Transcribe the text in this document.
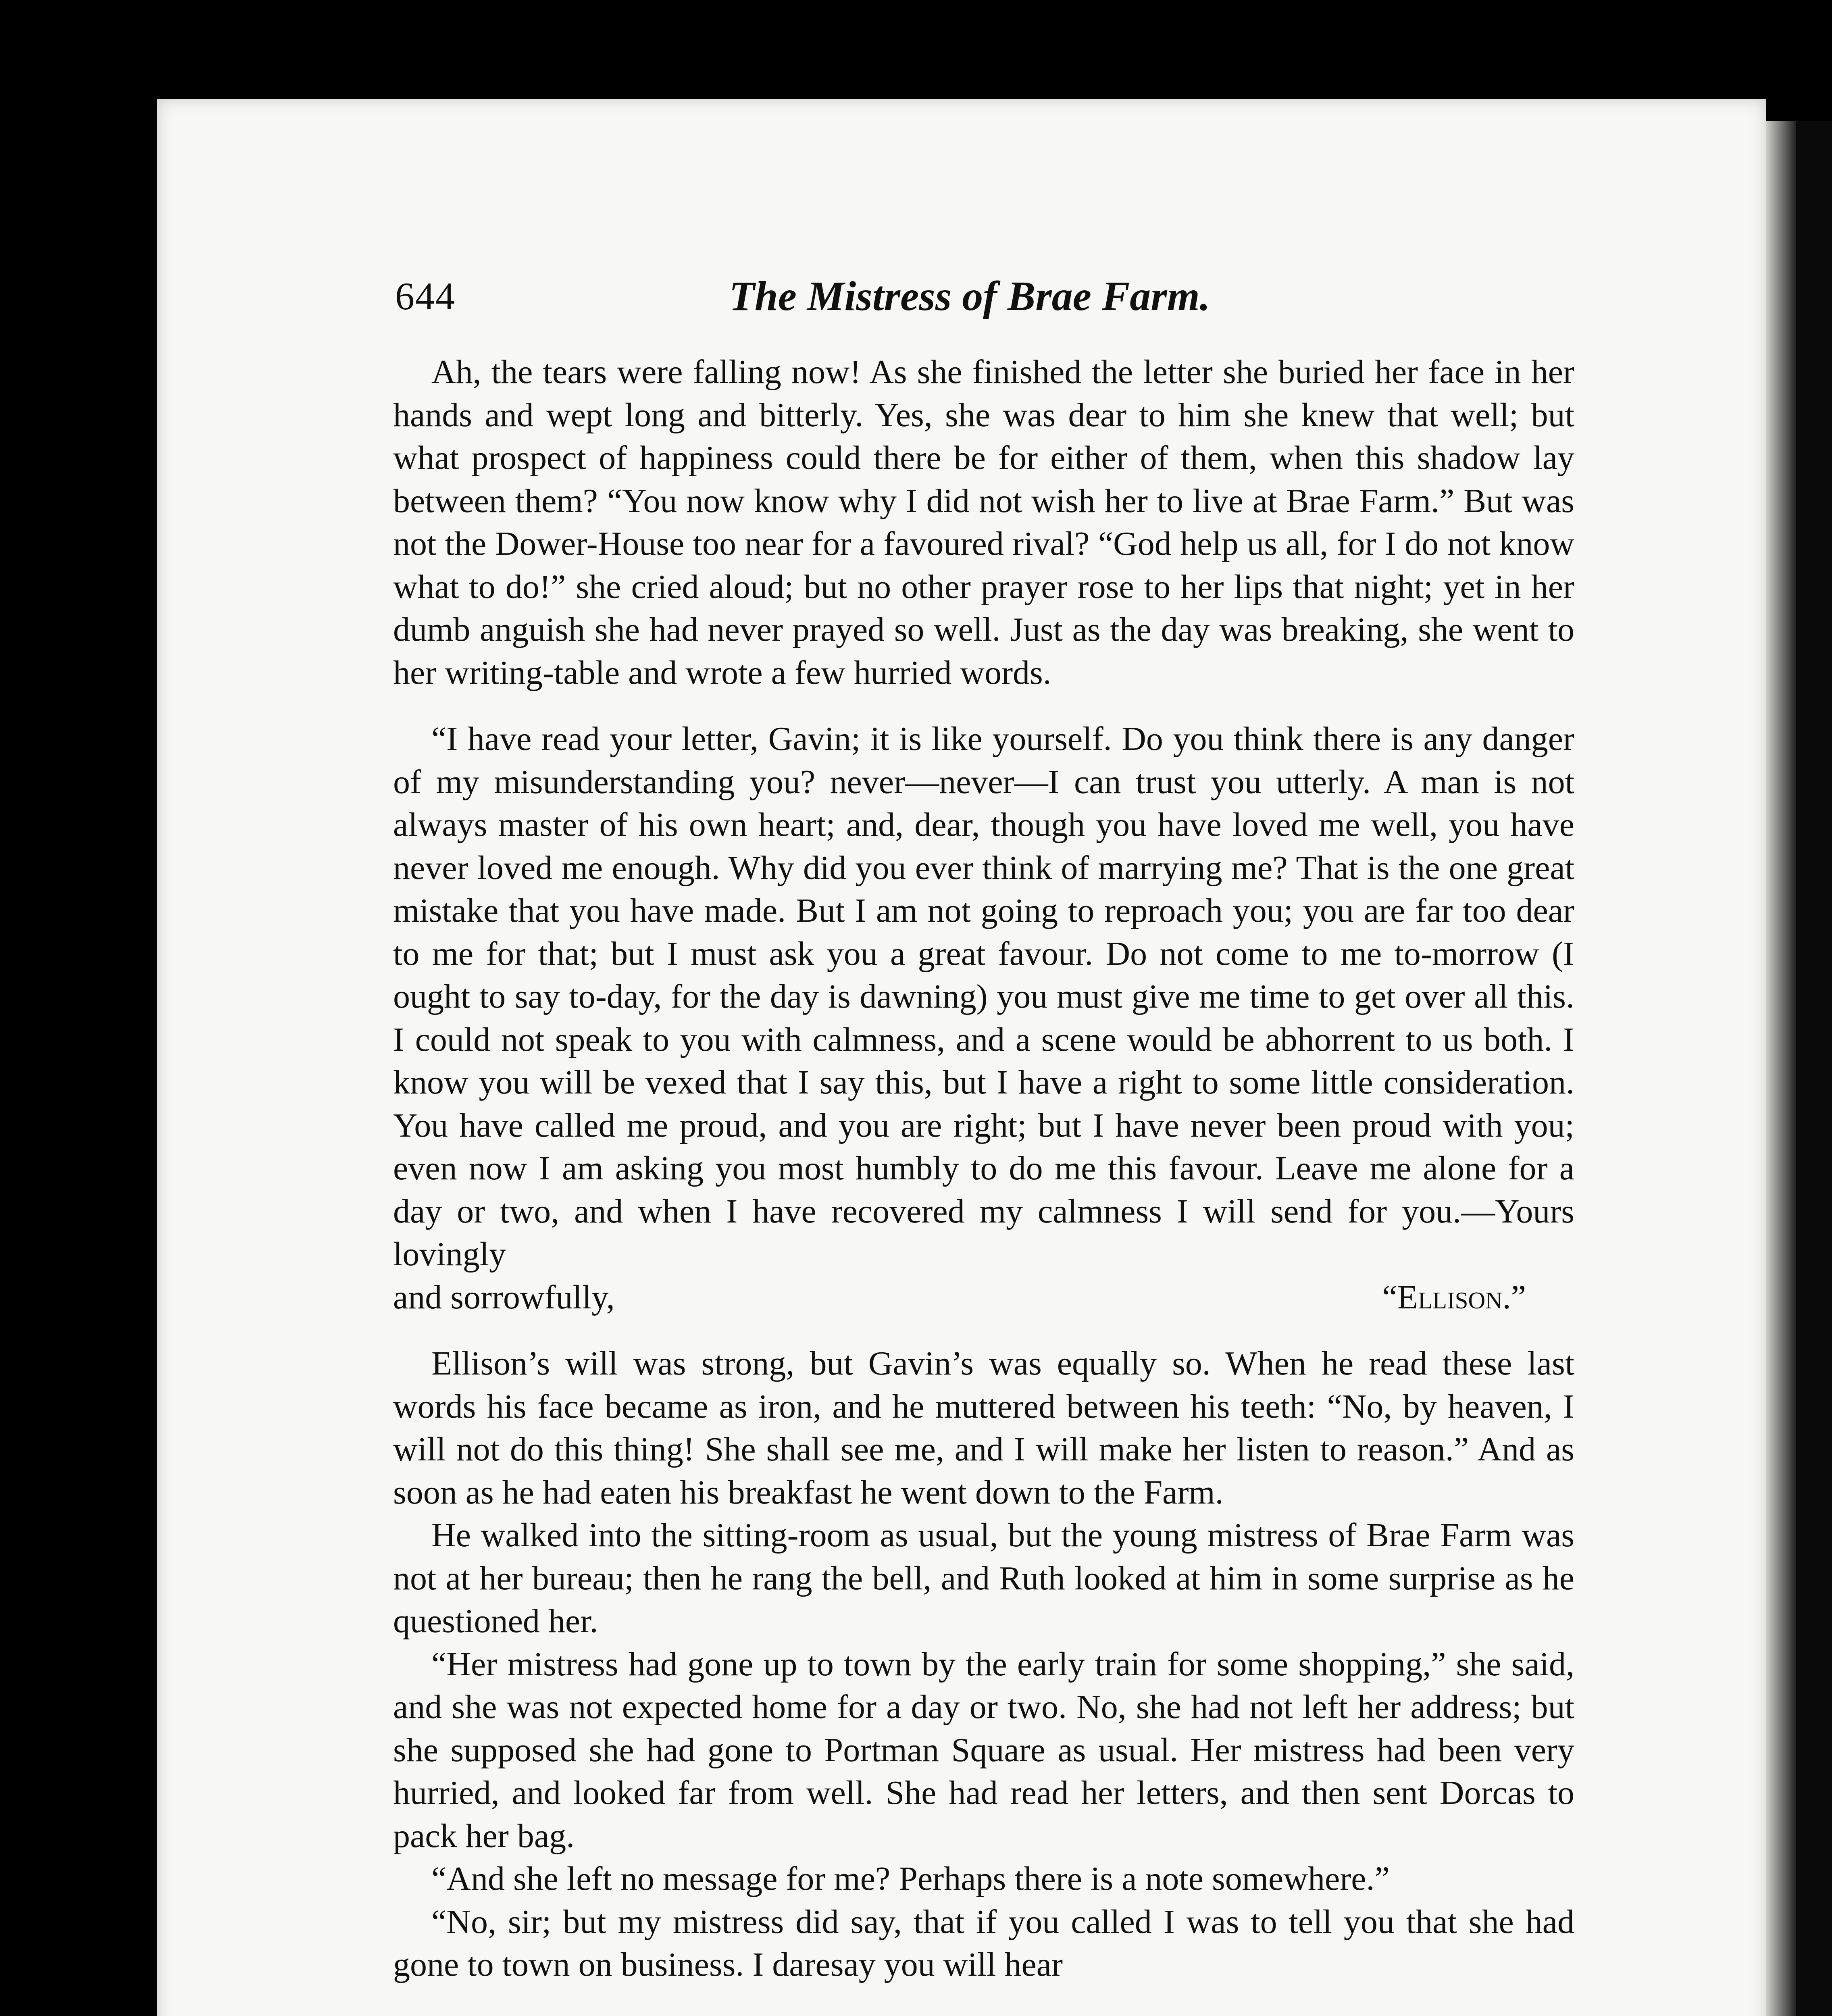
644	The Mistress of Brae Farm.

Ah, the tears were falling now! As she finished the letter she buried her face in her hands and wept long and bitterly. Yes, she was dear to him she knew that well; but what prospect of happiness could there be for either of them, when this shadow lay between them? “You now know why I did not wish her to live at Brae Farm.” But was not the Dower-House too near for a favoured rival? “God help us all, for I do not know what to do!” she cried aloud; but no other prayer rose to her lips that night; yet in her dumb anguish she had never prayed so well. Just as the day was breaking, she went to her writing-table and wrote a few hurried words.

“I have read your letter, Gavin; it is like yourself. Do you think there is any danger of my misunderstanding you? never—never—I can trust you utterly. A man is not always master of his own heart; and, dear, though you have loved me well, you have never loved me enough. Why did you ever think of marrying me? That is the one great mistake that you have made. But I am not going to reproach you; you are far too dear to me for that; but I must ask you a great favour. Do not come to me to-morrow (I ought to say to-day, for the day is dawning) you must give me time to get over all this. I could not speak to you with calmness, and a scene would be abhorrent to us both. I know you will be vexed that I say this, but I have a right to some little consideration. You have called me proud, and you are right; but I have never been proud with you; even now I am asking you most humbly to do me this favour. Leave me alone for a day or two, and when I have recovered my calmness I will send for you.—Yours lovingly

and sorrowfully,	“Ellison.”

Ellison’s will was strong, but Gavin’s was equally so. When he read these last words his face became as iron, and he muttered between his teeth: “No, by heaven, I will not do this thing! She shall see me, and I will make her listen to reason.” And as soon as he had eaten his breakfast he went down to the Farm.

He walked into the sitting-room as usual, but the young mistress of Brae Farm was not at her bureau; then he rang the bell, and Ruth looked at him in some surprise as he questioned her.

“Her mistress had gone up to town by the early train for some shopping,” she said, and she was not expected home for a day or two. No, she had not left her address; but she supposed she had gone to Portman Square as usual. Her mistress had been very hurried, and looked far from well. She had read her letters, and then sent Dorcas to pack her bag.

“And she left no message for me? Perhaps there is a note somewhere.”

“No, sir; but my mistress did say, that if you called I was to tell you that she had gone to town on business. I daresay you will hear
